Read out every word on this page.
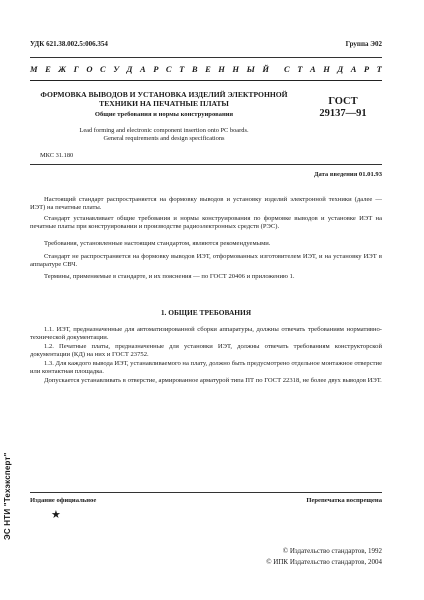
УДК 621.38.002.5:006.354	Группа Э02
М Е Ж Г О С У Д А Р С Т В Е Н Н Ы Й С Т А Н Д А Р Т
ФОРМОВКА ВЫВОДОВ И УСТАНОВКА ИЗДЕЛИЙ ЭЛЕКТРОННОЙ
ТЕХНИКИ НА ПЕЧАТНЫЕ ПЛАТЫ
Общие требования и нормы конструирования
ГОСТ
29137—91
Lead forming and electronic component insertion onto PC boards.
General requirements and design specifications
МКС 31.180
Дата введения 01.01.93

Настоящий стандарт распространяется на формовку выводов и установку изделий электронной техники (далее — ИЭТ) на печатные платы.

Стандарт устанавливает общие требования и нормы конструирования по формовке выводов и установке ИЭТ на печатные платы при конструировании и производстве радиоэлектронных средств (РЭС).

Требования, установленные настоящим стандартом, являются рекомендуемыми.

Стандарт не распространяется на формовку выводов ИЭТ, отформованных изготовителем ИЭТ, и на установку ИЭТ в аппаратуре СВЧ.

Термины, применяемые в стандарте, и их пояснения — по ГОСТ 20406 и приложению 1.

1. ОБЩИЕ ТРЕБОВАНИЯ

1.1. ИЭТ, предназначенные для автоматизированной сборки аппаратуры, должны отвечать требованиям нормативно-технической документации.

1.2. Печатные платы, предназначенные для установки ИЭТ, должны отвечать требованиям конструкторской документации (КД) на них и ГОСТ 23752.

1.3. Для каждого вывода ИЭТ, устанавливаемого на плату, должно быть предусмотрено отдельное монтажное отверстие или контактная площадка.

Допускается устанавливать в отверстие, армированное арматурой типа ПТ по ГОСТ 22318, не более двух выводов ИЭТ.

Издание официальное	Перепечатка воспрещена
★
© Издательство стандартов, 1992
© ИПК Издательство стандартов, 2004
ЭС НТИ "Техэксперт"
